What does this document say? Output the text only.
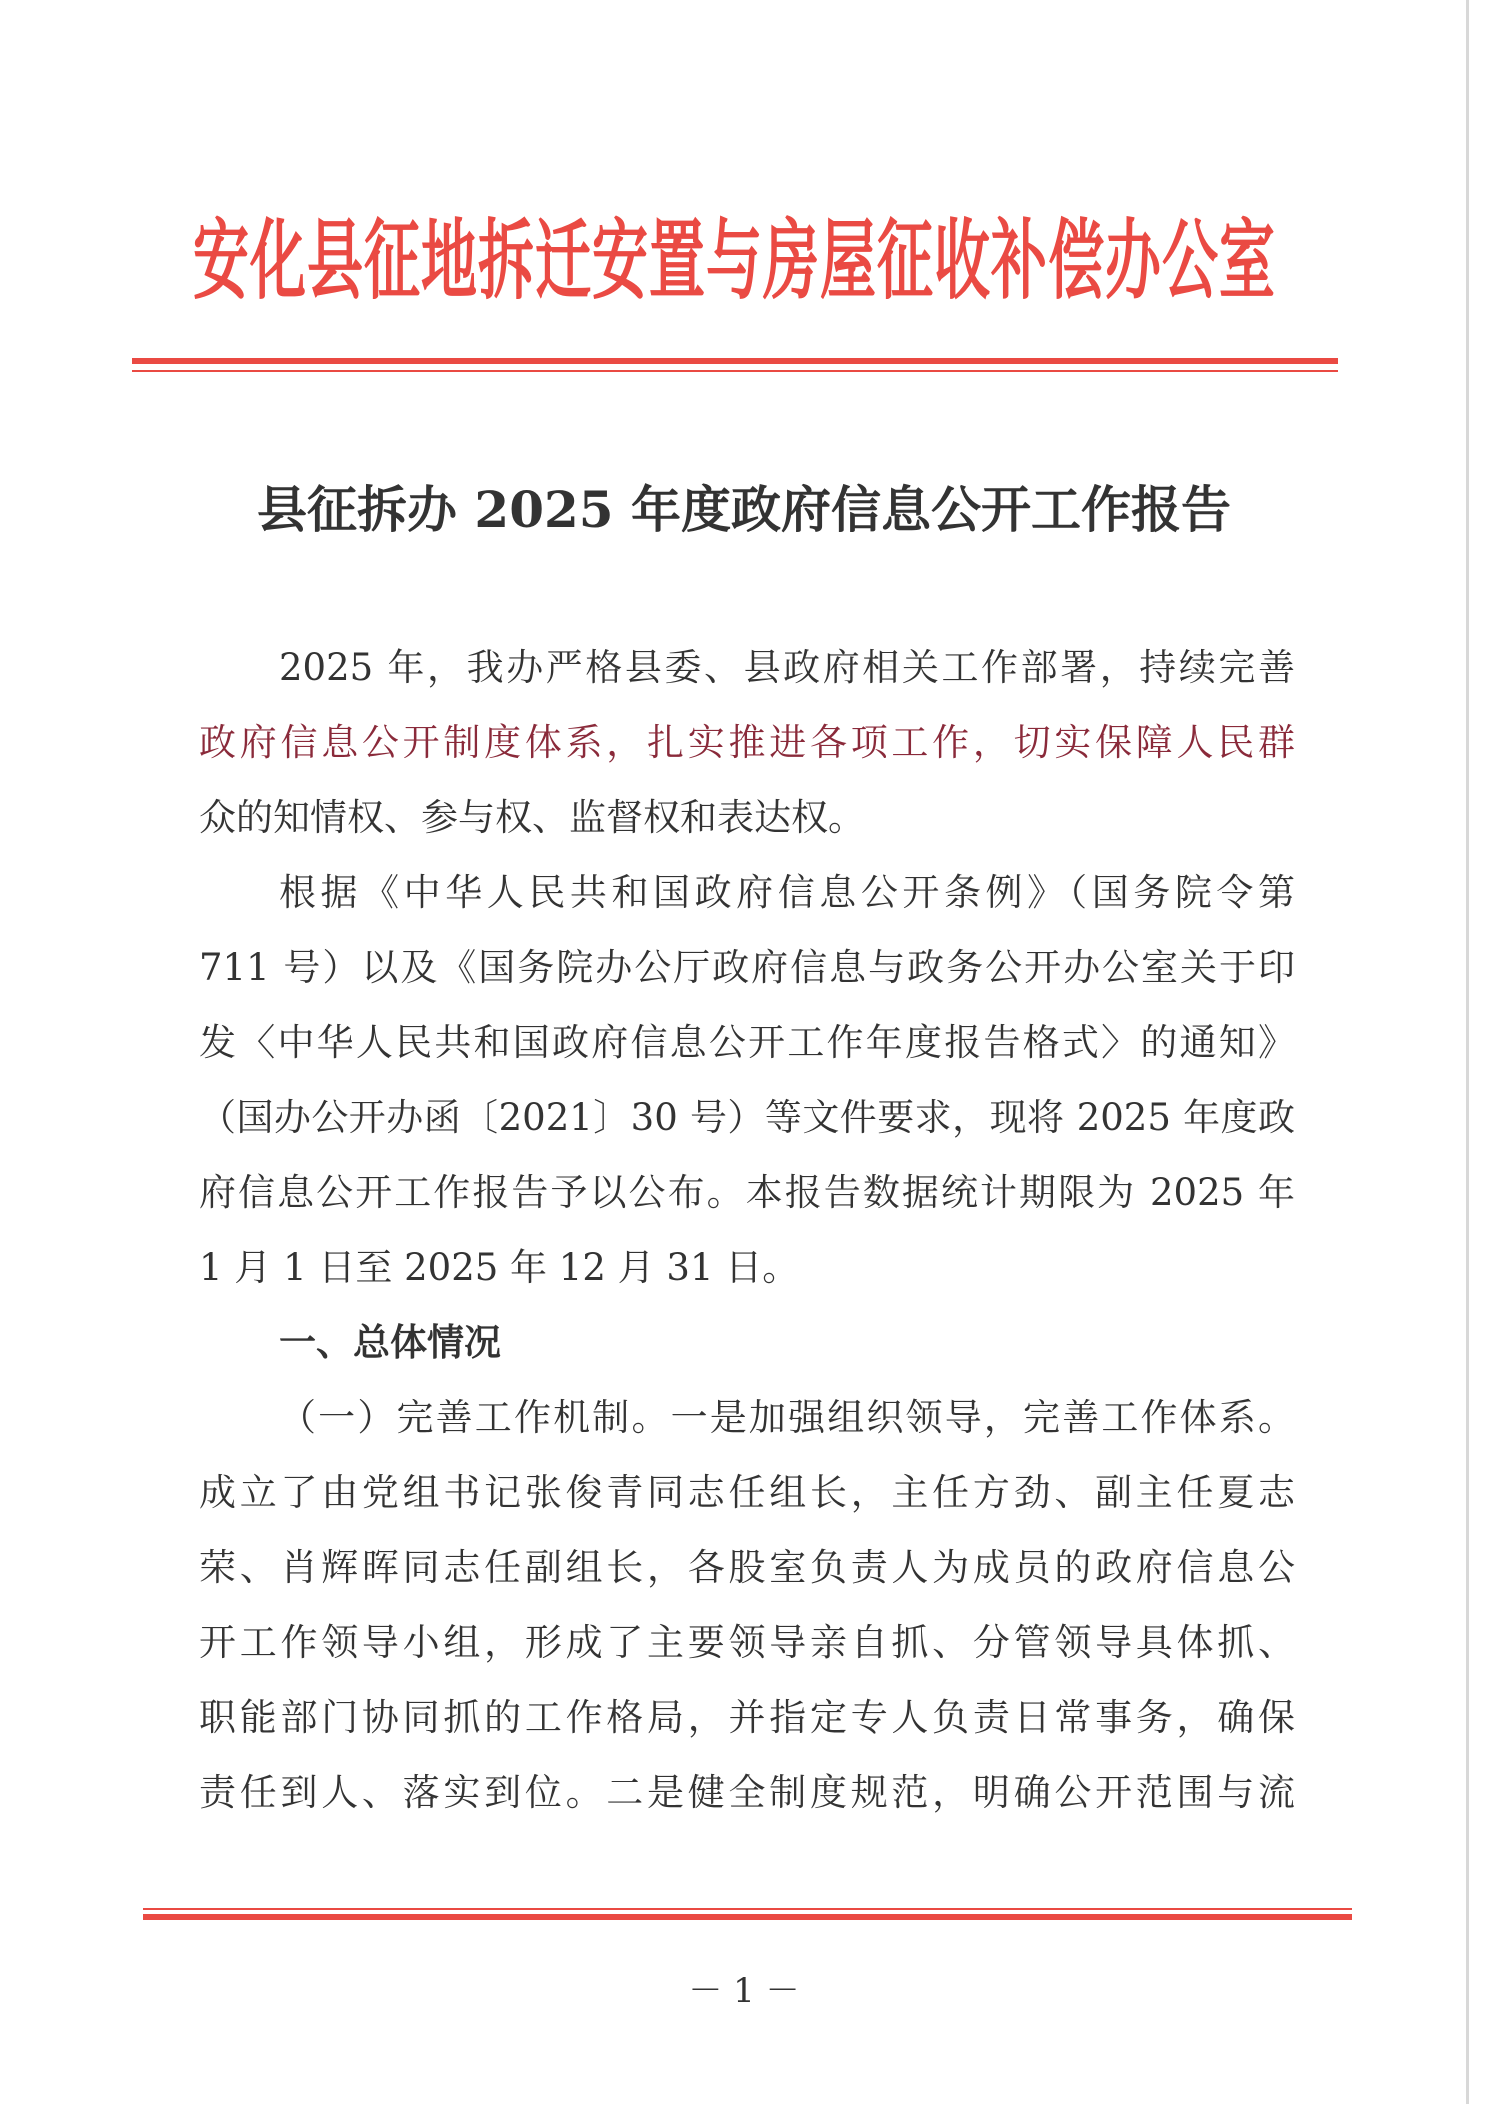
安化县征地拆迁安置与房屋征收补偿办公室
县征拆办 2025 年度政府信息公开工作报告
2025 年，我办严格县委、县政府相关工作部署，持续完善
政府信息公开制度体系，扎实推进各项工作，切实保障人民群
众的知情权、参与权、监督权和表达权。
根据《中华人民共和国政府信息公开条例》（国务院令第
711 号）以及《国务院办公厅政府信息与政务公开办公室关于印
发〈中华人民共和国政府信息公开工作年度报告格式〉的通知》
（国办公开办函〔2021〕30 号）等文件要求，现将 2025 年度政
府信息公开工作报告予以公布。本报告数据统计期限为 2025 年
1 月 1 日至 2025 年 12 月 31 日。
一、总体情况
（一）完善工作机制。一是加强组织领导，完善工作体系。
成立了由党组书记张俊青同志任组长，主任方劲、副主任夏志
荣、肖辉晖同志任副组长，各股室负责人为成员的政府信息公
开工作领导小组，形成了主要领导亲自抓、分管领导具体抓、
职能部门协同抓的工作格局，并指定专人负责日常事务，确保
责任到人、落实到位。二是健全制度规范，明确公开范围与流
－ 1 －
